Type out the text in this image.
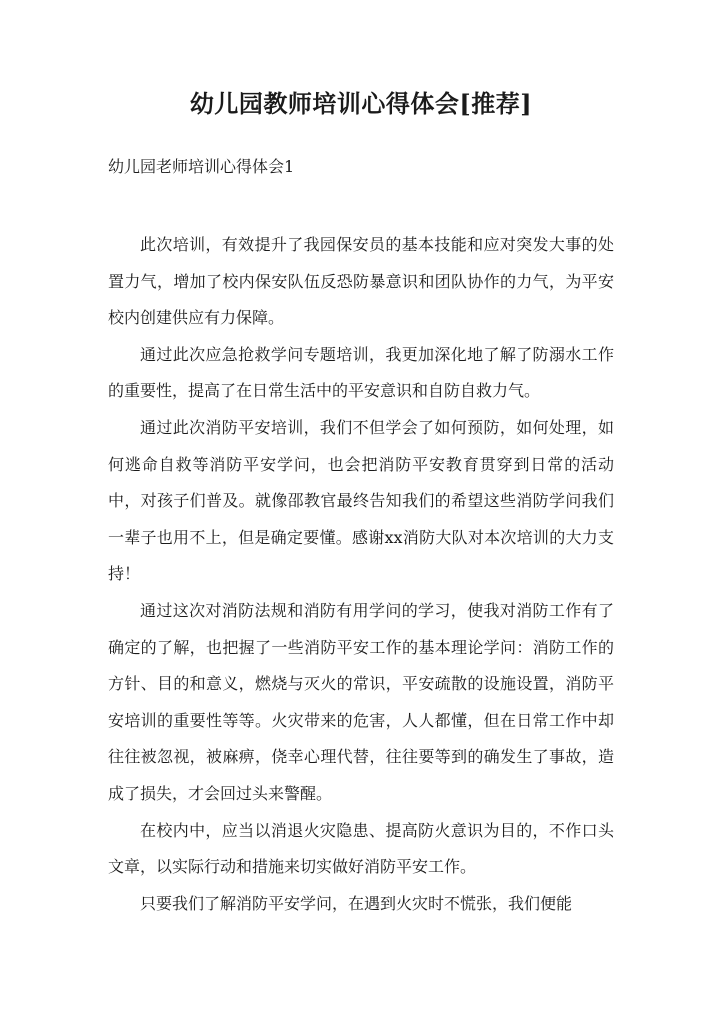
幼儿园教师培训心得体会[推荐]

幼儿园老师培训心得体会1

此次培训，有效提升了我园保安员的基本技能和应对突发大事的处置力气，增加了校内保安队伍反恐防暴意识和团队协作的力气，为平安校内创建供应有力保障。

通过此次应急抢救学问专题培训，我更加深化地了解了防溺水工作的重要性，提高了在日常生活中的平安意识和自防自救力气。

通过此次消防平安培训，我们不但学会了如何预防，如何处理，如何逃命自救等消防平安学问，也会把消防平安教育贯穿到日常的活动中，对孩子们普及。就像邵教官最终告知我们的希望这些消防学问我们一辈子也用不上，但是确定要懂。感谢xx消防大队对本次培训的大力支持！

通过这次对消防法规和消防有用学问的学习，使我对消防工作有了确定的了解，也把握了一些消防平安工作的基本理论学问：消防工作的方针、目的和意义，燃烧与灭火的常识，平安疏散的设施设置，消防平安培训的重要性等等。火灾带来的危害，人人都懂，但在日常工作中却往往被忽视，被麻痹，侥幸心理代替，往往要等到的确发生了事故，造成了损失，才会回过头来警醒。

在校内中，应当以消退火灾隐患、提高防火意识为目的，不作口头文章，以实际行动和措施来切实做好消防平安工作。

只要我们了解消防平安学问，在遇到火灾时不慌张，我们便能
